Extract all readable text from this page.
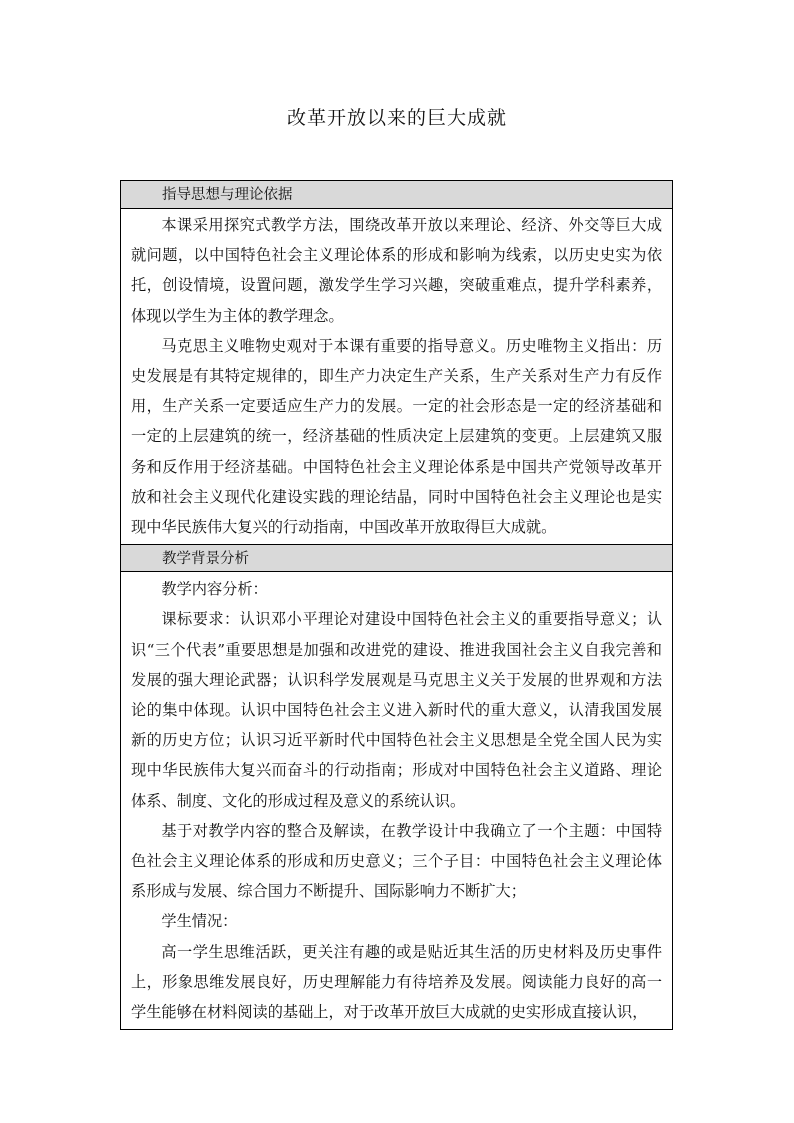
改革开放以来的巨大成就
指导思想与理论依据

本课采用探究式教学方法，围绕改革开放以来理论、经济、外交等巨大成就问题，以中国特色社会主义理论体系的形成和影响为线索，以历史史实为依托，创设情境，设置问题，激发学生学习兴趣，突破重难点，提升学科素养，体现以学生为主体的教学理念。

马克思主义唯物史观对于本课有重要的指导意义。历史唯物主义指出：历史发展是有其特定规律的，即生产力决定生产关系，生产关系对生产力有反作用，生产关系一定要适应生产力的发展。一定的社会形态是一定的经济基础和一定的上层建筑的统一，经济基础的性质决定上层建筑的变更。上层建筑又服务和反作用于经济基础。中国特色社会主义理论体系是中国共产党领导改革开放和社会主义现代化建设实践的理论结晶，同时中国特色社会主义理论也是实现中华民族伟大复兴的行动指南，中国改革开放取得巨大成就。

教学背景分析

教学内容分析：

课标要求：认识邓小平理论对建设中国特色社会主义的重要指导意义；认识“三个代表”重要思想是加强和改进党的建设、推进我国社会主义自我完善和发展的强大理论武器；认识科学发展观是马克思主义关于发展的世界观和方法论的集中体现。认识中国特色社会主义进入新时代的重大意义，认清我国发展新的历史方位；认识习近平新时代中国特色社会主义思想是全党全国人民为实现中华民族伟大复兴而奋斗的行动指南；形成对中国特色社会主义道路、理论体系、制度、文化的形成过程及意义的系统认识。

基于对教学内容的整合及解读，在教学设计中我确立了一个主题：中国特色社会主义理论体系的形成和历史意义；三个子目：中国特色社会主义理论体系形成与发展、综合国力不断提升、国际影响力不断扩大；

学生情况：

高一学生思维活跃，更关注有趣的或是贴近其生活的历史材料及历史事件上，形象思维发展良好，历史理解能力有待培养及发展。阅读能力良好的高一学生能够在材料阅读的基础上，对于改革开放巨大成就的史实形成直接认识，
